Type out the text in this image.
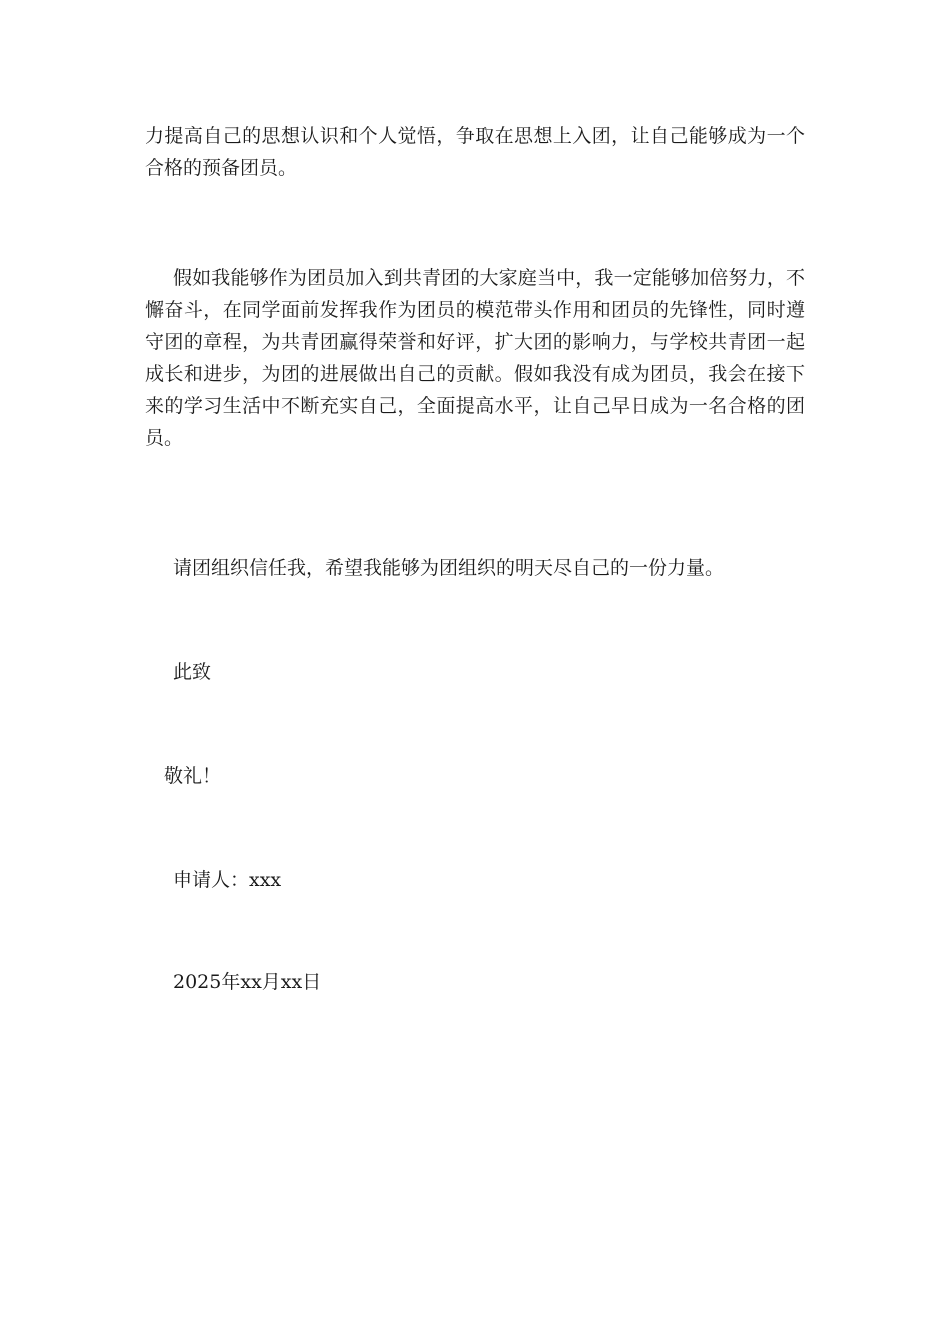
力提高自己的思想认识和个人觉悟，争取在思想上入团，让自己能够成为一个合格的预备团员。

假如我能够作为团员加入到共青团的大家庭当中，我一定能够加倍努力，不懈奋斗，在同学面前发挥我作为团员的模范带头作用和团员的先锋性，同时遵守团的章程，为共青团赢得荣誉和好评，扩大团的影响力，与学校共青团一起成长和进步，为团的进展做出自己的贡献。假如我没有成为团员，我会在接下来的学习生活中不断充实自己，全面提高水平，让自己早日成为一名合格的团员。

请团组织信任我，希望我能够为团组织的明天尽自己的一份力量。

此致

敬礼！

申请人：xxx

2025年xx月xx日
